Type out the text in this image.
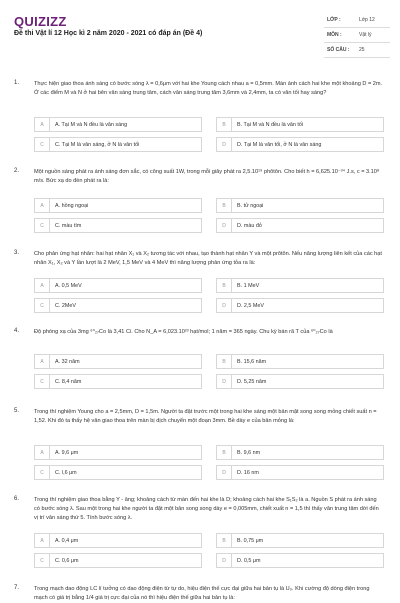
QUIZIZZ
Đề thi Vật lí 12 Học kì 2 năm 2020 - 2021 có đáp án (Đề 4)
LỚP :	Lớp 12
MÔN :	Vật lý
SỐ CÂU :	25
1.	Thực hiện giao thoa ánh sáng có bước sóng λ = 0,6μm với hai khe Young cách nhau a = 0,5mm. Màn ảnh cách hai khe một khoảng D = 2m. Ở các điểm M và N ở hai bên vân sáng trung tâm, cách vân sáng trung tâm 3,6mm và 2,4mm, ta có vân tối hay sáng?
A	A. Tại M và N đều là vân sáng	B	B. Tại M và N đều là vân tối
C	C. Tại M là vân sáng, ở N là vân tối	D	D. Tại M là vân tối, ở N là vân sáng
2.	Một nguồn sáng phát ra ánh sáng đơn sắc, có công suất 1W, trong mỗi giây phát ra 2,5.10¹⁹ phôtôn. Cho biết h = 6,625.10⁻³⁴ J.s, c = 3.10⁸ m/s. Bức xạ do đèn phát ra là:
A	A. hồng ngoại	B	B. tử ngoại
C	C. màu tím	D	D. màu đỏ
3.	Cho phản ứng hạt nhân: hai hạt nhân X₁ và X₂ tương tác với nhau, tạo thành hạt nhân Y và một prôtôn. Nếu năng lượng liên kết của các hạt nhân X₁, X₂ và Y lần lượt là 2 MeV, 1,5 MeV và 4 MeV thì năng lượng phản ứng tỏa ra là:
A	A. 0,5 MeV	B	B. 1 MeV
C	C. 2MeV	D	D. 2,5 MeV
4.	Độ phóng xạ của 3mg ⁶⁰₂₇Co là 3,41 Ci. Cho N_A = 6,023.10²³ hạt/mol; 1 năm = 365 ngày. Chu kỳ bán rã T của ⁶⁰₂₇Co là
A	A. 32 năm	B	B. 15,6 năm
C	C. 8,4 năm	D	D. 5,25 năm
5.	Trong thí nghiệm Young cho a = 2,5mm, D = 1,5m. Người ta đặt trước một trong hai khe sáng một bản mặt song song mỏng chiết suất n = 1,52. Khi đó ta thấy hệ vân giao thoa trên màn bị dịch chuyển một đoạn 3mm. Bề dày e của bản mỏng là:
A	A. 9,6 μm	B	B. 9,6 nm
C	C. l,6 μm	D	D. 16 nm
6.	Trong thí nghiệm giao thoa bằng Y - âng; khoảng cách từ màn đến hai khe là D; khoảng cách hai khe S₁S₂ là a. Nguồn S phát ra ánh sáng có bước sóng λ. Sau một trong hai khe người ta đặt một bản song song dày e = 0,005mm, chiết xuất n = 1,5 thì thấy vân trung tâm dời đến vị trí vân sáng thứ 5. Tính bước sóng λ.
A	A. 0,4 μm	B	B. 0,75 μm
C	C. 0,6 μm	D	D. 0,5 μm
7.	Trong mạch dao động LC lí tưởng có dao động điện từ tự do, hiệu điện thế cực đại giữa hai bản tụ là U₀. Khi cường độ dòng điện trong mạch có giá trị bằng 1/4 giá trị cực đại của nó thì hiệu điện thế giữa hai bản tụ là:
